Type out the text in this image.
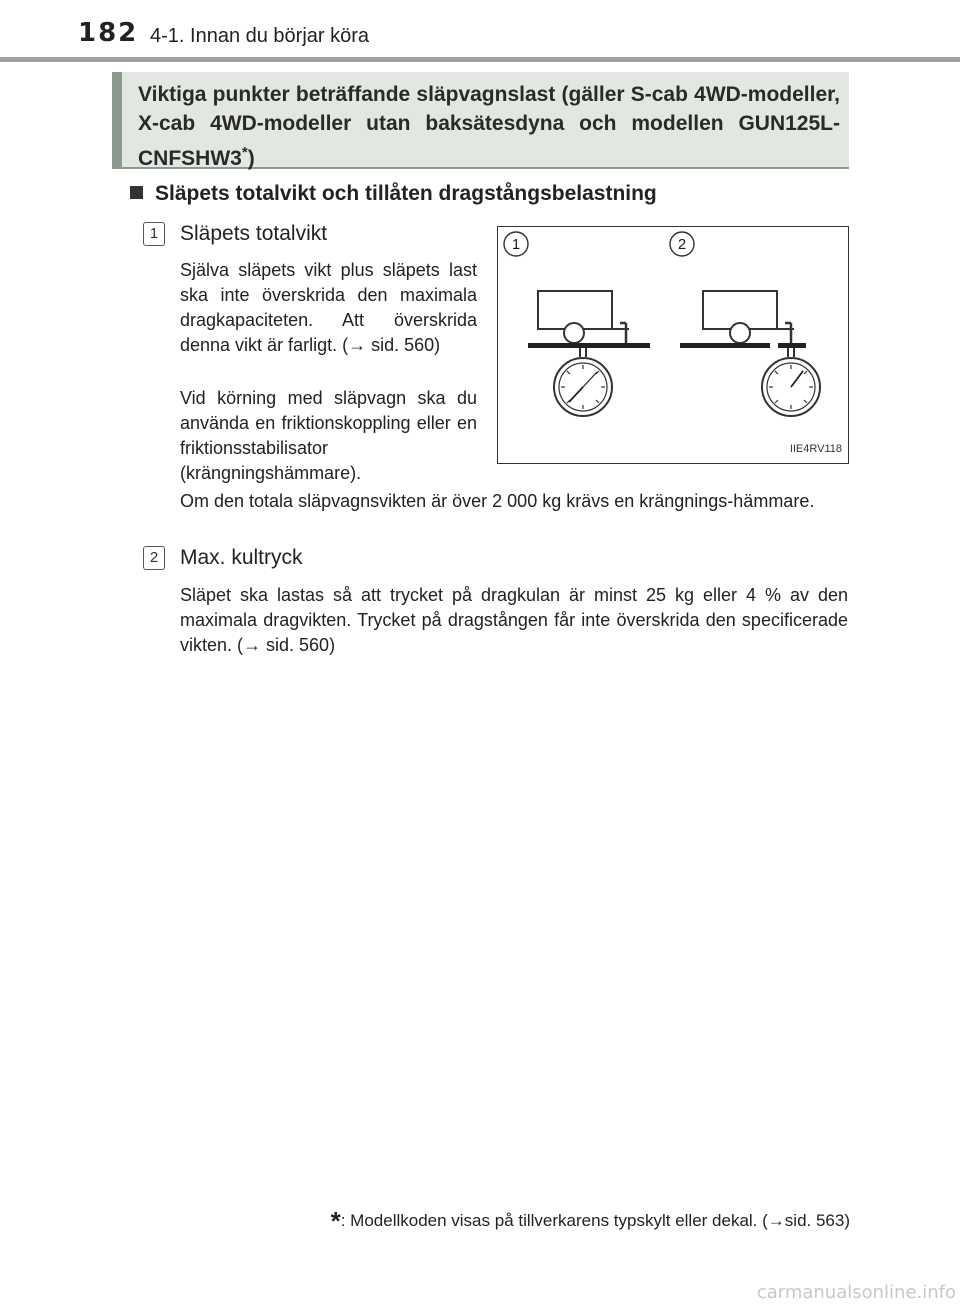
182 4-1. Innan du börjar köra
Viktiga punkter beträffande släpvagnslast (gäller S-cab 4WD-modeller, X-cab 4WD-modeller utan baksätesdyna och modellen GUN125L-CNFSHW3*)
Släpets totalvikt och tillåten dragstångsbelastning
1	Släpets totalvikt
Själva släpets vikt plus släpets last ska inte överskrida den maximala dragkapaciteten. Att överskrida denna vikt är farligt. (→ sid. 560)
Vid körning med släpvagn ska du använda en friktionskoppling eller en friktionsstabilisator (krängningshämmare).
Om den totala släpvagnsvikten är över 2 000 kg krävs en krängnings-hämmare.
2	Max. kultryck
Släpet ska lastas så att trycket på dragkulan är minst 25 kg eller 4 % av den maximala dragvikten. Trycket på dragstången får inte överskrida den specificerade vikten. (→ sid. 560)
1	2
IIE4RV118
*: Modellkoden visas på tillverkarens typskylt eller dekal. (→sid. 563)
carmanualsonline.info
